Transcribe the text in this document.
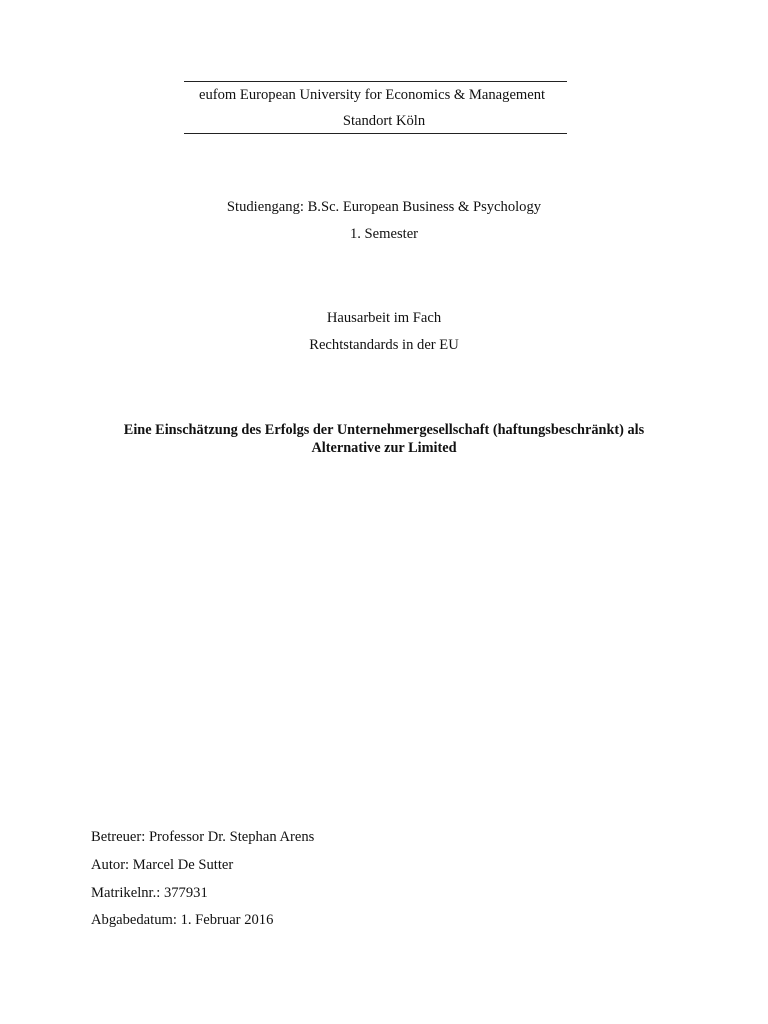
eufom European University for Economics & Management
Standort Köln
Studiengang: B.Sc. European Business & Psychology
1. Semester
Hausarbeit im Fach
Rechtstandards in der EU
Eine Einschätzung des Erfolgs der Unternehmergesellschaft (haftungsbeschränkt) als
Alternative zur Limited
Betreuer: Professor Dr. Stephan Arens
Autor: Marcel De Sutter
Matrikelnr.: 377931
Abgabedatum: 1. Februar 2016
